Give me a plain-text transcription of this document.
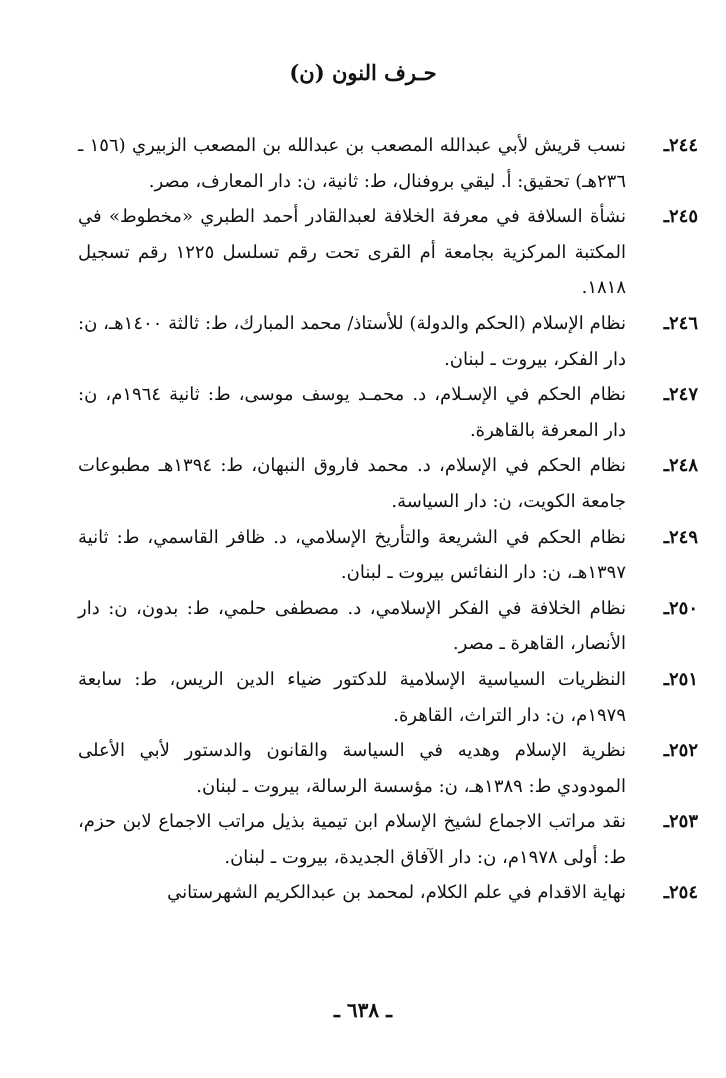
حـرف النون (ن)
٢٤٤ـ
نسب قريش لأبي عبدالله المصعب بن عبدالله بن المصعب الزبيري (١٥٦ ـ ٢٣٦هـ) تحقيق: أ. ليقي بروفنال، ط: ثانية، ن: دار المعارف، مصر.
٢٤٥ـ
نشأة السلافة في معرفة الخلافة لعبدالقادر أحمد الطبري «مخطوط» في المكتبة المركزية بجامعة أم القرى تحت رقم تسلسل ١٢٢٥ رقم تسجيل ١٨١٨.
٢٤٦ـ
نظام الإسلام (الحكم والدولة) للأستاذ/ محمد المبارك، ط: ثالثة ١٤٠٠هـ، ن: دار الفكر، بيروت ـ لبنان.
٢٤٧ـ
نظام الحكم في الإسـلام، د. محمـد يوسف موسى، ط: ثانية ١٩٦٤م، ن: دار المعرفة بالقاهرة.
٢٤٨ـ
نظام الحكم في الإسلام، د. محمد فاروق النبهان، ط: ١٣٩٤هـ مطبوعات جامعة الكويت، ن: دار السياسة.
٢٤٩ـ
نظام الحكم في الشريعة والتأريخ الإسلامي، د. ظافر القاسمي، ط: ثانية ١٣٩٧هـ، ن: دار النفائس بيروت ـ لبنان.
٢٥٠ـ
نظام الخلافة في الفكر الإسلامي، د. مصطفى حلمي، ط: بدون، ن: دار الأنصار، القاهرة ـ مصر.
٢٥١ـ
النظريات السياسية الإسلامية للدكتور ضياء الدين الريس، ط: سابعة ١٩٧٩م، ن: دار التراث، القاهرة.
٢٥٢ـ
نظرية الإسلام وهديه في السياسة والقانون والدستور لأبي الأعلى المودودي ط: ١٣٨٩هـ، ن: مؤسسة الرسالة، بيروت ـ لبنان.
٢٥٣ـ
نقد مراتب الاجماع لشيخ الإسلام ابن تيمية بذيل مراتب الاجماع لابن حزم، ط: أولى ١٩٧٨م، ن: دار الآفاق الجديدة، بيروت ـ لبنان.
٢٥٤ـ
نهاية الاقدام في علم الكلام، لمحمد بن عبدالكريم الشهرستاني
ـ ٦٣٨ ـ
